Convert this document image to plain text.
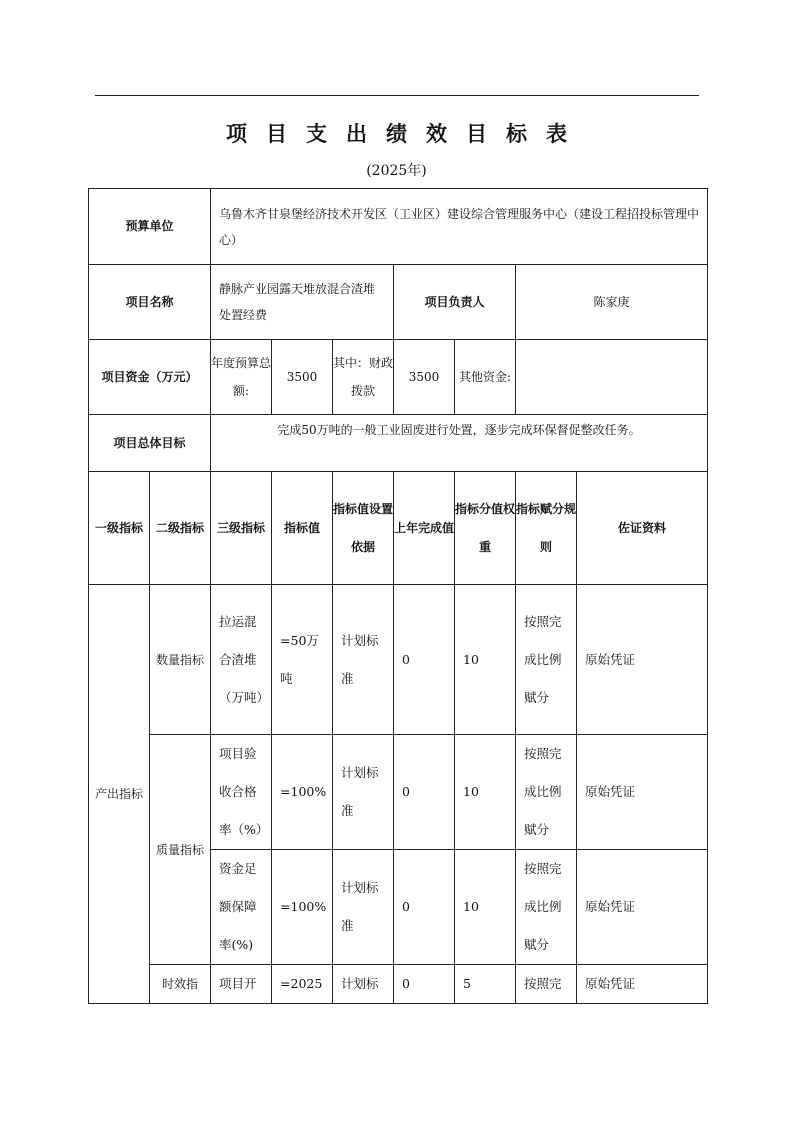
项目支出绩效目标表
(2025年)
预算单位		乌鲁木齐甘泉堡经济技术开发区（工业区）建设综合管理服务中心（建设工程招投标管理中心）						
项目名称		静脉产业园露天堆放混合渣堆处置经费			项目负责人		陈家庚	
项目资金（万元）		年度预算总额:	3500	其中：财政拨款	3500	其他资金:		
项目总体目标		完成50万吨的一般工业固废进行处置，逐步完成环保督促整改任务。						
一级指标	二级指标	三级指标	指标值	指标值设置依据	上年完成值	指标分值权重	指标赋分规则	佐证资料
产出指标	数量指标	拉运混合渣堆（万吨）	=50万吨	计划标准	0	10	按照完成比例赋分	原始凭证
	质量指标	项目验收合格率（%）	=100%	计划标准	0	10	按照完成比例赋分	原始凭证
		资金足额保障率(%)	=100%	计划标准	0	10	按照完成比例赋分	原始凭证
	时效指	项目开	=2025	计划标	0	5	按照完	原始凭证
